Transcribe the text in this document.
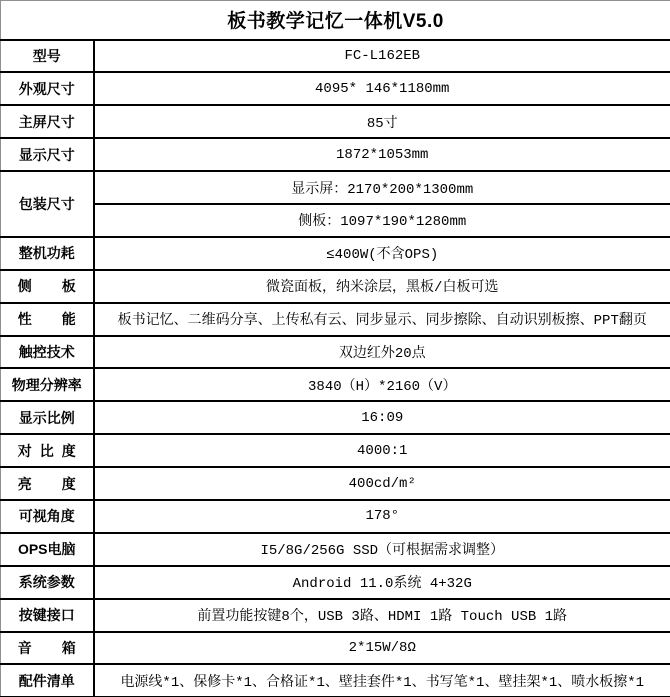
板书教学记忆一体机V5.0	
型号	FC-L162EB
外观尺寸	4095* 146*1180mm
主屏尺寸	85寸
显示尺寸	1872*1053mm
包装尺寸	显示屏：2170*200*1300mm
	侧板：1097*190*1280mm
整机功耗	≤400W(不含OPS)

侧 板	微瓷面板，纳米涂层，黑板/白板可选

性 能	板书记忆、二维码分享、上传私有云、同步显示、同步擦除、自动识别板擦、PPT翻页
触控技术	双边红外20点
物理分辨率	3840（H）*2160（V）
显示比例	16:09

对 比 度	4000:1

亮 度	400cd/m²
可视角度	178°
OPS电脑	I5/8G/256G SSD（可根据需求调整）
系统参数	Android 11.0系统 4+32G
按键接口	前置功能按键8个，USB 3路、HDMI 1路 Touch USB 1路

音 箱	2*15W/8Ω
配件清单	电源线*1、保修卡*1、合格证*1、壁挂套件*1、书写笔*1、壁挂架*1、喷水板擦*1
